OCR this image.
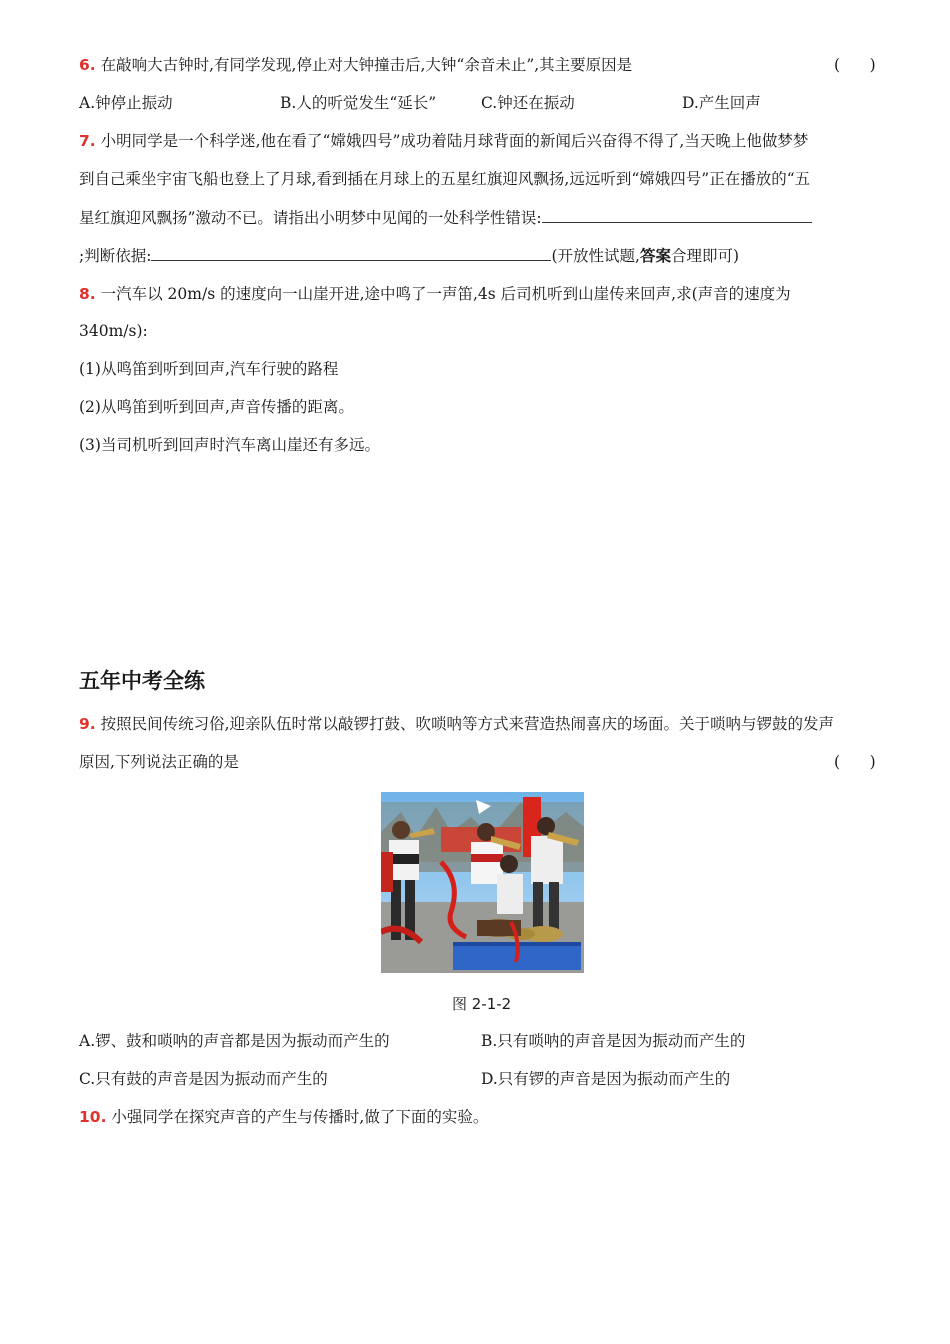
6. 在敲响大古钟时,有同学发现,停止对大钟撞击后,大钟“余音未止”,其主要原因是	(      )
A.钟停止振动	B.人的听觉发生“延长”	C.钟还在振动	D.产生回声
7. 小明同学是一个科学迷,他在看了“嫦娥四号”成功着陆月球背面的新闻后兴奋得不得了,当天晚上他做梦梦
到自己乘坐宇宙飞船也登上了月球,看到插在月球上的五星红旗迎风飘扬,远远听到“嫦娥四号”正在播放的“五
星红旗迎风飘扬”激动不已。请指出小明梦中见闻的一处科学性错误:
;判断依据:	(开放性试题,答案合理即可)
8. 一汽车以 20m/s 的速度向一山崖开进,途中鸣了一声笛,4s 后司机听到山崖传来回声,求(声音的速度为
340m/s):
(1)从鸣笛到听到回声,汽车行驶的路程
(2)从鸣笛到听到回声,声音传播的距离。
(3)当司机听到回声时汽车离山崖还有多远。
五年中考全练
9. 按照民间传统习俗,迎亲队伍时常以敲锣打鼓、吹唢呐等方式来营造热闹喜庆的场面。关于唢呐与锣鼓的发声
原因,下列说法正确的是	(      )
图 2-1-2
A.锣、鼓和唢呐的声音都是因为振动而产生的	B.只有唢呐的声音是因为振动而产生的
C.只有鼓的声音是因为振动而产生的	D.只有锣的声音是因为振动而产生的
10. 小强同学在探究声音的产生与传播时,做了下面的实验。
